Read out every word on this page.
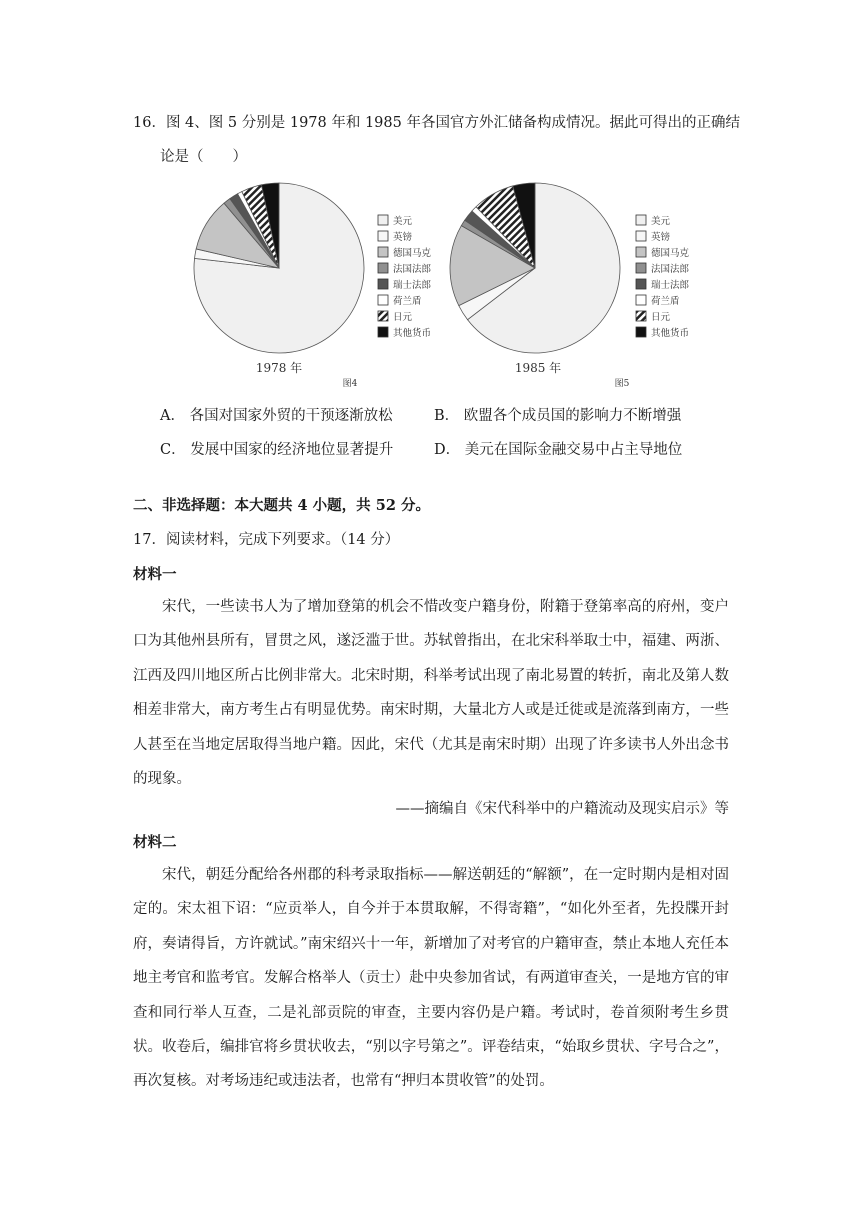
16．图 4、图 5 分别是 1978 年和 1985 年各国官方外汇储备构成情况。据此可得出的正确结
论是（　　）
美元
英镑
德国马克
法国法郎
瑞士法郎
荷兰盾
日元
其他货币
美元
英镑
德国马克
法国法郎
瑞士法郎
荷兰盾
日元
其他货币
1978 年
图4
1985 年
图5
A． 各国对国家外贸的干预逐渐放松	B． 欧盟各个成员国的影响力不断增强
C． 发展中国家的经济地位显著提升	D． 美元在国际金融交易中占主导地位
二、非选择题：本大题共 4 小题，共 52 分。
17．阅读材料，完成下列要求。（14 分）
材料一
宋代，一些读书人为了增加登第的机会不惜改变户籍身份，附籍于登第率高的府州，变户口为其他州县所有，冒贯之风，遂泛滥于世。苏轼曾指出，在北宋科举取士中，福建、两浙、江西及四川地区所占比例非常大。北宋时期，科举考试出现了南北易置的转折，南北及第人数相差非常大，南方考生占有明显优势。南宋时期，大量北方人或是迁徙或是流落到南方，一些人甚至在当地定居取得当地户籍。因此，宋代（尤其是南宋时期）出现了许多读书人外出念书的现象。
——摘编自《宋代科举中的户籍流动及现实启示》等
材料二
宋代，朝廷分配给各州郡的科考录取指标——解送朝廷的“解额”，在一定时期内是相对固定的。宋太祖下诏：“应贡举人，自今并于本贯取解，不得寄籍”，“如化外至者，先投牒开封府，奏请得旨，方许就试。”南宋绍兴十一年，新增加了对考官的户籍审查，禁止本地人充任本地主考官和监考官。发解合格举人（贡士）赴中央参加省试，有两道审查关，一是地方官的审查和同行举人互查，二是礼部贡院的审查，主要内容仍是户籍。考试时，卷首须附考生乡贯状。收卷后，编排官将乡贯状收去，“别以字号第之”。评卷结束，“始取乡贯状、字号合之”，再次复核。对考场违纪或违法者，也常有“押归本贯收管”的处罚。
